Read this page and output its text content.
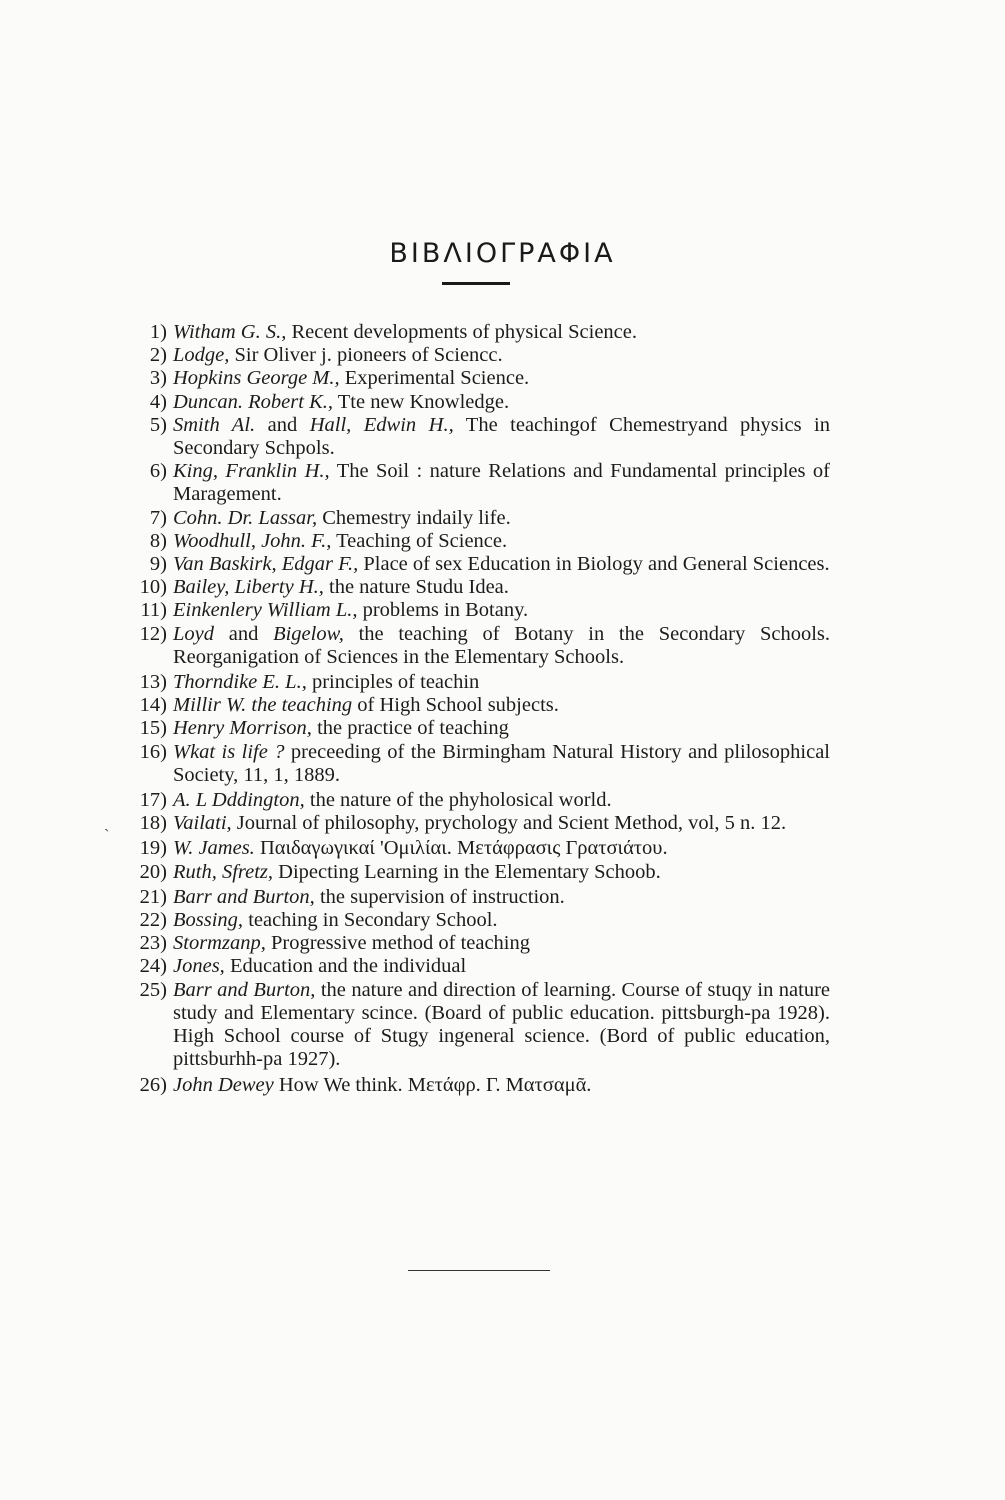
ΒΙΒΛΙΟΓΡΑΦΙΑ
1) Witham G. S., Recent developments of physical Science.
2) Lodge, Sir Oliver j. pioneers of Sciencc.
3) Hopkins George M., Experimental Science.
4) Duncan. Robert K., Tte new Knowledge.
5) Smith Al. and Hall, Edwin H., The teachingof Chemestryand physics in Secondary Schpols.
6) King, Franklin H., The Soil : nature Relations and Fundamental principles of Maragement.
7) Cohn. Dr. Lassar, Chemestry indaily life.
8) Woodhull, John. F., Teaching of Science.
9) Van Baskirk, Edgar F., Place of sex Education in Biology and General Sciences.
10) Bailey, Liberty H., the nature Studu Idea.
11) Einkenlery William L., problems in Botany.
12) Loyd and Bigelow, the teaching of Botany in the Secondary Schools. Reorganigation of Sciences in the Elementary Schools.
13) Thorndike E. L., principles of teachin
14) Millir W. the teaching of High School subjects.
15) Henry Morrison, the practice of teaching
16) Wkat is life ? preceeding of the Birmingham Natural History and plilosophical Society, 11, 1, 1889.
17) A. L Dddington, the nature of the phyholosical world.
ˏ	18) Vailati, Journal of philosophy, prychology and Scient Method, vol, 5 n. 12.
19) W. James. Παιδαγωγικαί 'Ομιλίαι. Μετάφρασις Γρατσιάτου.
20) Ruth, Sfretz, Dipecting Learning in the Elementary Schoob.
21) Barr and Burton, the supervision of instruction.
22) Bossing, teaching in Secondary School.
23) Stormzanp, Progressive method of teaching
24) Jones, Education and the individual
25) Barr and Burton, the nature and direction of learning. Course of stuqy in nature study and Elementary scince. (Board of public education. pittsburgh-pa 1928). High School course of Stugy ingeneral science. (Bord of public education, pittsburhh-pa 1927).
26) John Dewey How We think. Μετάφρ. Γ. Ματσαμᾶ.
